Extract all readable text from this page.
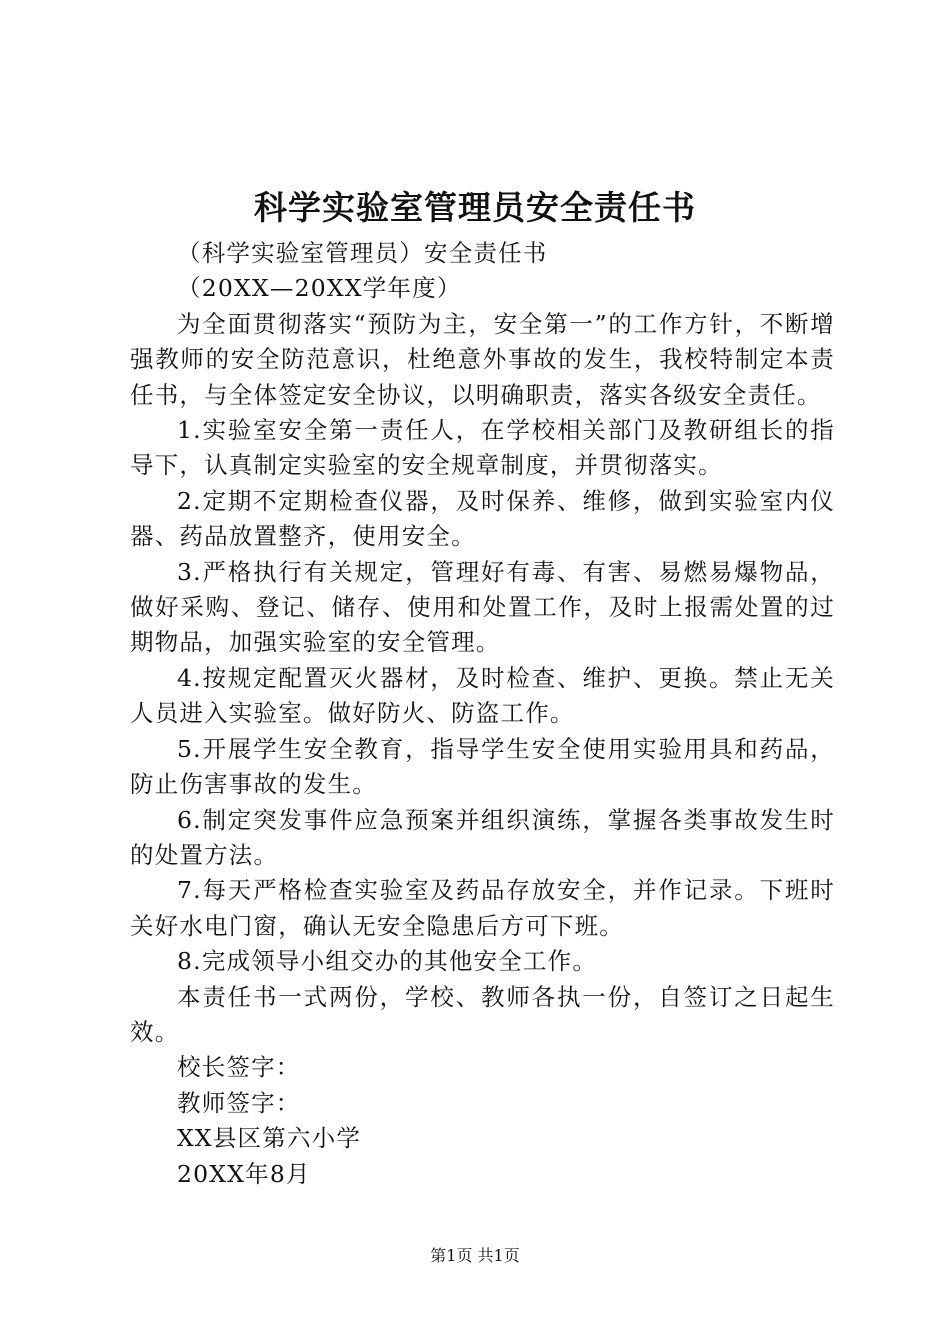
科学实验室管理员安全责任书

（科学实验室管理员）安全责任书

（20XX—20XX学年度）

为全面贯彻落实“预防为主，安全第一”的工作方针，不断增强教师的安全防范意识，杜绝意外事故的发生，我校特制定本责任书，与全体签定安全协议，以明确职责，落实各级安全责任。

1.实验室安全第一责任人，在学校相关部门及教研组长的指导下，认真制定实验室的安全规章制度，并贯彻落实。

2.定期不定期检查仪器，及时保养、维修，做到实验室内仪器、药品放置整齐，使用安全。

3.严格执行有关规定，管理好有毒、有害、易燃易爆物品，做好采购、登记、储存、使用和处置工作，及时上报需处置的过期物品，加强实验室的安全管理。

4.按规定配置灭火器材，及时检查、维护、更换。禁止无关人员进入实验室。做好防火、防盗工作。

5.开展学生安全教育，指导学生安全使用实验用具和药品，防止伤害事故的发生。

6.制定突发事件应急预案并组织演练，掌握各类事故发生时的处置方法。

7.每天严格检查实验室及药品存放安全，并作记录。下班时关好水电门窗，确认无安全隐患后方可下班。

8.完成领导小组交办的其他安全工作。

本责任书一式两份，学校、教师各执一份，自签订之日起生效。

校长签字：

教师签字：

XX县区第六小学

20XX年8月

第1页 共1页
